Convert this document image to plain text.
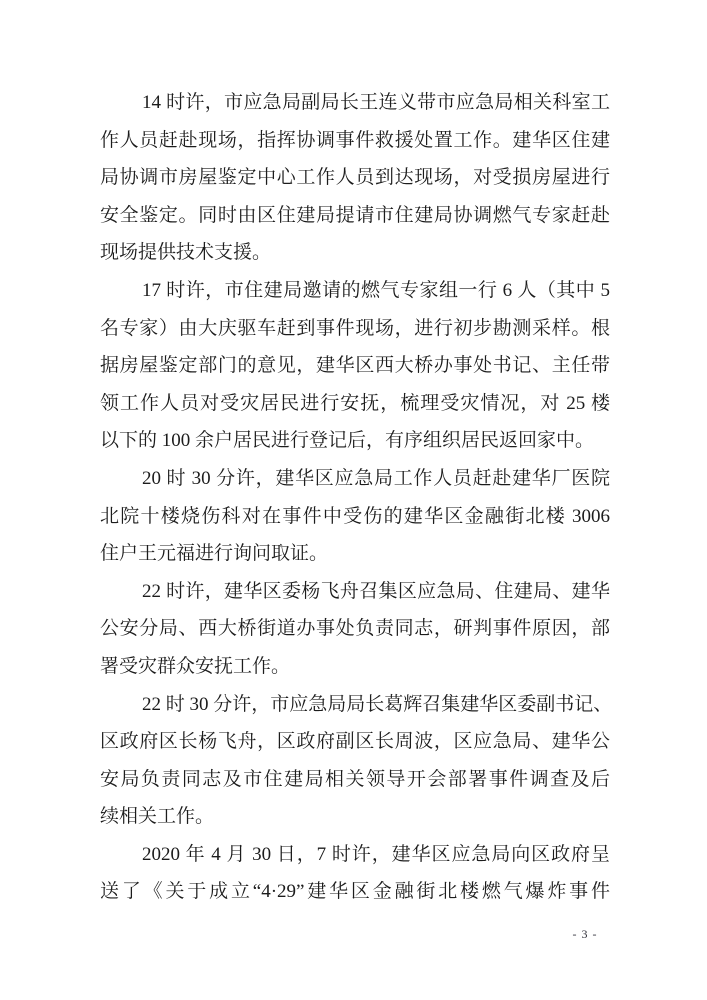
14 时许，市应急局副局长王连义带市应急局相关科室工
作人员赶赴现场，指挥协调事件救援处置工作。建华区住建
局协调市房屋鉴定中心工作人员到达现场，对受损房屋进行
安全鉴定。同时由区住建局提请市住建局协调燃气专家赶赴
现场提供技术支援。
17 时许，市住建局邀请的燃气专家组一行 6 人（其中 5
名专家）由大庆驱车赶到事件现场，进行初步勘测采样。根
据房屋鉴定部门的意见，建华区西大桥办事处书记、主任带
领工作人员对受灾居民进行安抚，梳理受灾情况，对 25 楼
以下的 100 余户居民进行登记后，有序组织居民返回家中。
20 时 30 分许，建华区应急局工作人员赶赴建华厂医院
北院十楼烧伤科对在事件中受伤的建华区金融街北楼 3006
住户王元福进行询问取证。
22 时许，建华区委杨飞舟召集区应急局、住建局、建华
公安分局、西大桥街道办事处负责同志，研判事件原因，部
署受灾群众安抚工作。
22 时 30 分许，市应急局局长葛辉召集建华区委副书记、
区政府区长杨飞舟，区政府副区长周波，区应急局、建华公
安局负责同志及市住建局相关领导开会部署事件调查及后
续相关工作。
2020 年 4 月 30 日，7 时许，建华区应急局向区政府呈
送了《关于成立“4·29”建华区金融街北楼燃气爆炸事件
- 3 -
